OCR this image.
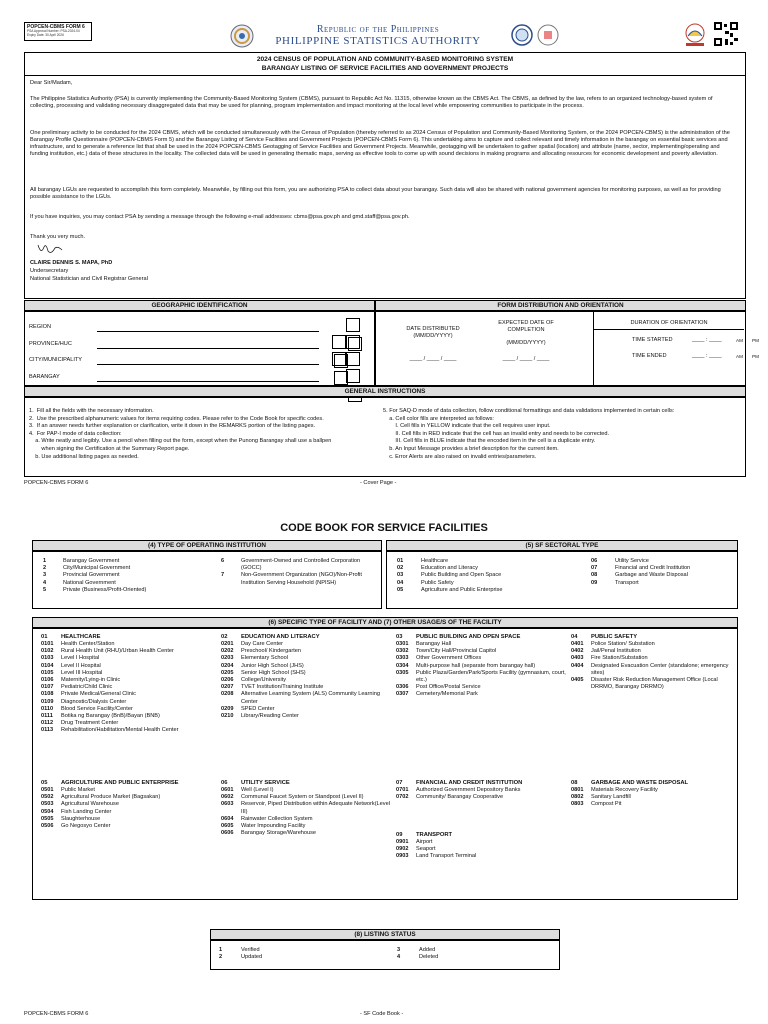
POPCEN-CBMS FORM 6
PSA Approval Number: PSA-2024-04
Expiry Date: 30 April 2026	Republic of the Philippines
PHILIPPINE STATISTICS AUTHORITY
2024 CENSUS OF POPULATION AND COMMUNITY-BASED MONITORING SYSTEM
BARANGAY LISTING OF SERVICE FACILITIES AND GOVERNMENT PROJECTS
Dear Sir/Madam,
The Philippine Statistics Authority (PSA) is currently implementing the Community-Based Monitoring System (CBMS), pursuant to Republic Act No. 11315, otherwise known as the CBMS Act. The CBMS, as defined by the law, refers to an organized technology-based system of collecting, processing and validating necessary disaggregated data that may be used for planning, program implementation and impact monitoring at the local level while empowering communities to participate in the process.
One preliminary activity to be conducted for the 2024 CBMS, which will be conducted simultaneously with the Census of Population (thereby referred to as 2024 Census of Population and Community-Based Monitoring System, or the 2024 POPCEN-CBMS) is the administration of the Barangay Profile Questionnaire (POPCEN-CBMS Form 5) and the Barangay Listing of Service Facilities and Government Projects (POPCEN-CBMS Form 6). This undertaking aims to capture and collect relevant and timely information in the barangay on essential basic services and infrastructure, and to generate a reference list that shall be used in the 2024 POPCEN-CBMS Geotagging of Service Facilities and Government Projects. Meanwhile, geotagging will be undertaken to gather spatial (location) and attribute (name, sector, implementing/operating and funding institution, etc.) data of these structures in the locality. The collected data will be used in generating thematic maps, serving as effective tools to come up with sound decisions in making programs and allocating resources for economic development and poverty alleviation.
All barangay LGUs are requested to accomplish this form completely. Meanwhile, by filling out this form, you are authorizing PSA to collect data about your barangay. Such data will also be shared with national government agencies for monitoring purposes, as well as for providing possible assistance to the LGUs.
If you have inquiries, you may contact PSA by sending a message through the following e-mail addresses: cbms@psa.gov.ph and gmd.staff@psa.gov.ph.
Thank you very much.
CLAIRE DENNIS S. MAPA, PhD
Undersecretary
National Statistician and Civil Registrar General
GEOGRAPHIC IDENTIFICATION	FORM DISTRIBUTION AND ORIENTATION
REGION
PROVINCE/HUC
CITY/MUNICIPALITY
BARANGAY
DATE DISTRIBUTED
(MM/DD/YYYY)
____ / ____ / ____
EXPECTED DATE OF COMPLETION
(MM/DD/YYYY)
____ / ____ / ____
DURATION OF ORIENTATION
TIME STARTED	____ : ____	AM PM
TIME ENDED	____ : ____	AM PM
GENERAL INSTRUCTIONS
1.  Fill all the fields with the necessary information.
2.  Use the prescribed alphanumeric values for items requiring codes. Please refer to the Code Book for specific codes.
3.  If an answer needs further explanation or clarification, write it down in the REMARKS portion of the listing pages.
4.  For PAP-I mode of data collection:
a. Write neatly and legibly. Use a pencil when filling out the form, except when the Punong Barangay shall use a ballpen
when signing the Certification at the Summary Report page.
b. Use additional listing pages as needed.
5. For SAQ-D mode of data collection, follow conditional formattings and data validations implemented in certain cells:
a. Cell color fills are interpreted as follows:
I. Cell fills in YELLOW indicate that the cell requires user input.
II. Cell fills in RED indicate that the cell has an invalid entry and needs to be corrected.
III. Cell fills in BLUE indicate that the encoded item in the cell is a duplicate entry.
b. An Input Message provides a brief description for the current item.
c. Error Alerts are also raised on invalid entries/parameters.
POPCEN-CBMS FORM 6	- Cover Page -
CODE BOOK FOR SERVICE FACILITIES
(4) TYPE OF OPERATING INSTITUTION
1	Barangay Government
2	City/Municipal Government
3	Provincial Government
4	National Government
5	Private (Business/Profit-Oriented)
6	Government-Owned and Controlled Corporation (GOCC)
7	Non-Government Organization (NGO)/Non-Profit Institution Serving Household (NPISH)
(5) SF SECTORAL TYPE
01	Healthcare
02	Education and Literacy
03	Public Building and Open Space
04	Public Safety
05	Agriculture and Public Enterprise
06	Utility Service
07	Financial and Credit Institution
08	Garbage and Waste Disposal
09	Transport
(6) SPECIFIC TYPE OF FACILITY AND (7) OTHER USAGE/S OF THE FACILITY
01	HEALTHCARE
0101	Health Center/Station
0102	Rural Health Unit (RHU)/Urban Health Center
0103	Level I Hospital
0104	Level II Hospital
0105	Level III Hospital
0106	Maternity/Lying-in Clinic
0107	Pediatric/Child Clinic
0108	Private Medical/General Clinic
0109	Diagnostic/Dialysis Center
0110	Blood Service Facility/Center
0111	Botika ng Barangay (BnB)/Bayan (BNB)
0112	Drug Treatment Center
0113	Rehabilitation/Habilitation/Mental Health Center
02	EDUCATION AND LITERACY
0201	Day Care Center
0202	Preschool/ Kindergarten
0203	Elementary School
0204	Junior High School (JHS)
0205	Senior High School (SHS)
0206	College/University
0207	TVET Institution/Training Institute
0208	Alternative Learning System (ALS) Community Learning Center
0209	SPED Center
0210	Library/Reading Center
03	PUBLIC BUILDING AND OPEN SPACE
0301	Barangay Hall
0302	Town/City Hall/Provincial Capitol
0303	Other Government Offices
0304	Multi-purpose hall (separate from barangay hall)
0305	Public Plaza/Garden/Park/Sports Facility (gymnasium, court, etc.)
0306	Post Office/Postal Service
0307	Cemetery/Memorial Park
04	PUBLIC SAFETY
0401	Police Station/ Substation
0402	Jail/Penal Institution
0403	Fire Station/Substation
0404	Designated Evacuation Center (standalone; emergency sites)
0405	Disaster Risk Reduction Management Office (Local DRRMO, Barangay DRRMO)
05	AGRICULTURE AND PUBLIC ENTERPRISE
0501	Public Market
0502	Agricultural Produce Market (Bagsakan)
0503	Agricultural Warehouse
0504	Fish Landing Center
0505	Slaughterhouse
0506	Go Negosyo Center
06	UTILITY SERVICE
0601	Well (Level I)
0602	Communal Faucet System or Standpost (Level II)
0603	Reservoir, Piped Distribution within Adequate Network(Level III)
0604	Rainwater Collection System
0605	Water Impounding Facility
0606	Barangay Storage/Warehouse
07	FINANCIAL AND CREDIT INSTITUTION
0701	Authorized Government Depository Banks
0702	Community/ Barangay Cooperative
08	GARBAGE AND WASTE DISPOSAL
0801	Materials Recovery Facility
0802	Sanitary Landfill
0803	Compost Pit
09	TRANSPORT
0901	Airport
0902	Seaport
0903	Land Transport Terminal
(8) LISTING STATUS
1	Verified
2	Updated
3	Added
4	Deleted
POPCEN-CBMS FORM 6	- SF Code Book -
